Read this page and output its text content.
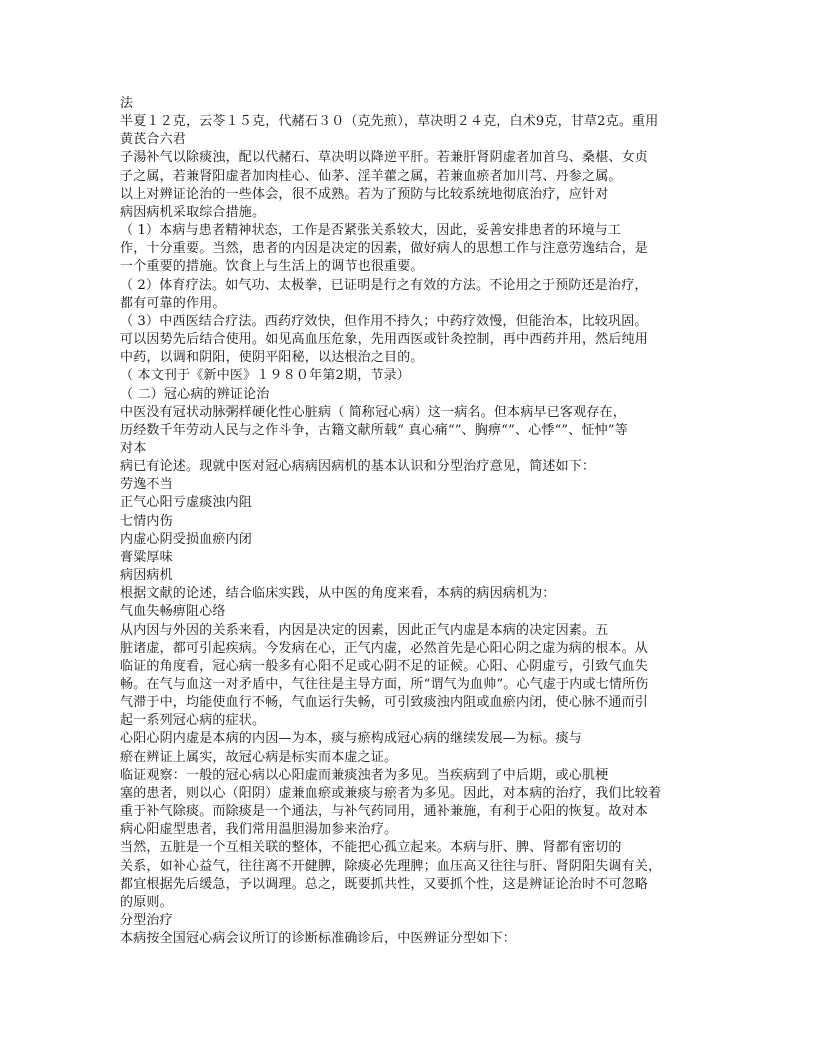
法
半夏１２克，云苓１５克，代赭石３０（克先煎），草决明２４克，白术9克，甘草2克。重用
黄芪合六君
子湯补气以除痰浊，配以代赭石、草决明以降逆平肝。若兼肝肾阴虚者加首乌、桑椹、女贞
子之属，若兼肾阳虚者加肉桂心、仙茅、淫羊藿之属，若兼血瘀者加川芎、丹参之属。
以上对辨证论治的一些体会，很不成熟。若为了预防与比较系统地彻底治疗，应针对
病因病机采取综合措施。
（ 1）本病与患者精神状态，工作是否紧张关系较大，因此，妥善安排患者的环境与工
作，十分重要。当然，患者的内因是决定的因素，做好病人的思想工作与注意劳逸结合，是
一个重要的措施。饮食上与生活上的调节也很重要。
（ 2）体育疗法。如气功、太极拳，已证明是行之有效的方法。不论用之于预防还是治疗，
都有可靠的作用。
（ 3）中西医结合疗法。西药疗效快，但作用不持久；中药疗效慢，但能治本，比较巩固。
可以因势先后结合使用。如见高血压危象，先用西医或针灸控制，再中西药并用，然后纯用
中药，以调和阴阳，使阴平阳秘，以达根治之目的。
（ 本文刊于《新中医》１９８０年第2期，节录）
（ 二）冠心病的辨证论治
中医没有冠状动脉粥样硬化性心脏病（ 简称冠心病）这一病名。但本病早已客观存在，
历经数千年劳动人民与之作斗争，古籍文献所载“ 真心痛“”、胸痹“”、心悸“”、怔忡”等
对本
病已有论述。现就中医对冠心病病因病机的基本认识和分型治疗意见，简述如下：
劳逸不当
正气心阳亏虚痰浊内阻
七情内伤
内虚心阴受损血瘀内闭
膏粱厚味
病因病机
根据文献的论述，结合临床实践，从中医的角度来看，本病的病因病机为：
气血失畅痹阻心络
从内因与外因的关系来看，内因是决定的因素，因此正气内虚是本病的决定因素。五
脏诸虚，都可引起疾病。今发病在心，正气内虚，必然首先是心阳心阴之虚为病的根本。从
临证的角度看，冠心病一般多有心阳不足或心阴不足的证候。心阳、心阴虚亏，引致气血失
畅。在气与血这一对矛盾中，气往往是主导方面，所“谓气为血帅”。心气虚于内或七情所伤
气滞于中，均能使血行不畅，气血运行失畅，可引致痰浊内阻或血瘀内闭，使心脉不通而引
起一系列冠心病的症状。
心阳心阴内虚是本病的内因—为本，痰与瘀构成冠心病的继续发展—为标。痰与
瘀在辨证上属实，故冠心病是标实而本虚之证。
临证观察：一般的冠心病以心阳虚而兼痰浊者为多见。当疾病到了中后期，或心肌梗
塞的患者，则以心（阳阴）虚兼血瘀或兼痰与瘀者为多见。因此，对本病的治疗，我们比较着
重于补气除痰。而除痰是一个通法，与补气药同用，通补兼施，有利于心阳的恢复。故对本
病心阳虚型患者，我们常用温胆湯加参来治疗。
当然，五脏是一个互相关联的整体，不能把心孤立起来。本病与肝、脾、肾都有密切的
关系，如补心益气，往往离不开健脾，除痰必先理脾；血压高又往往与肝、肾阴阳失调有关，
都宜根据先后缓急，予以调理。总之，既要抓共性，又要抓个性，这是辨证论治时不可忽略
的原则。
分型治疗
本病按全国冠心病会议所订的诊断标准确诊后，中医辨证分型如下：
